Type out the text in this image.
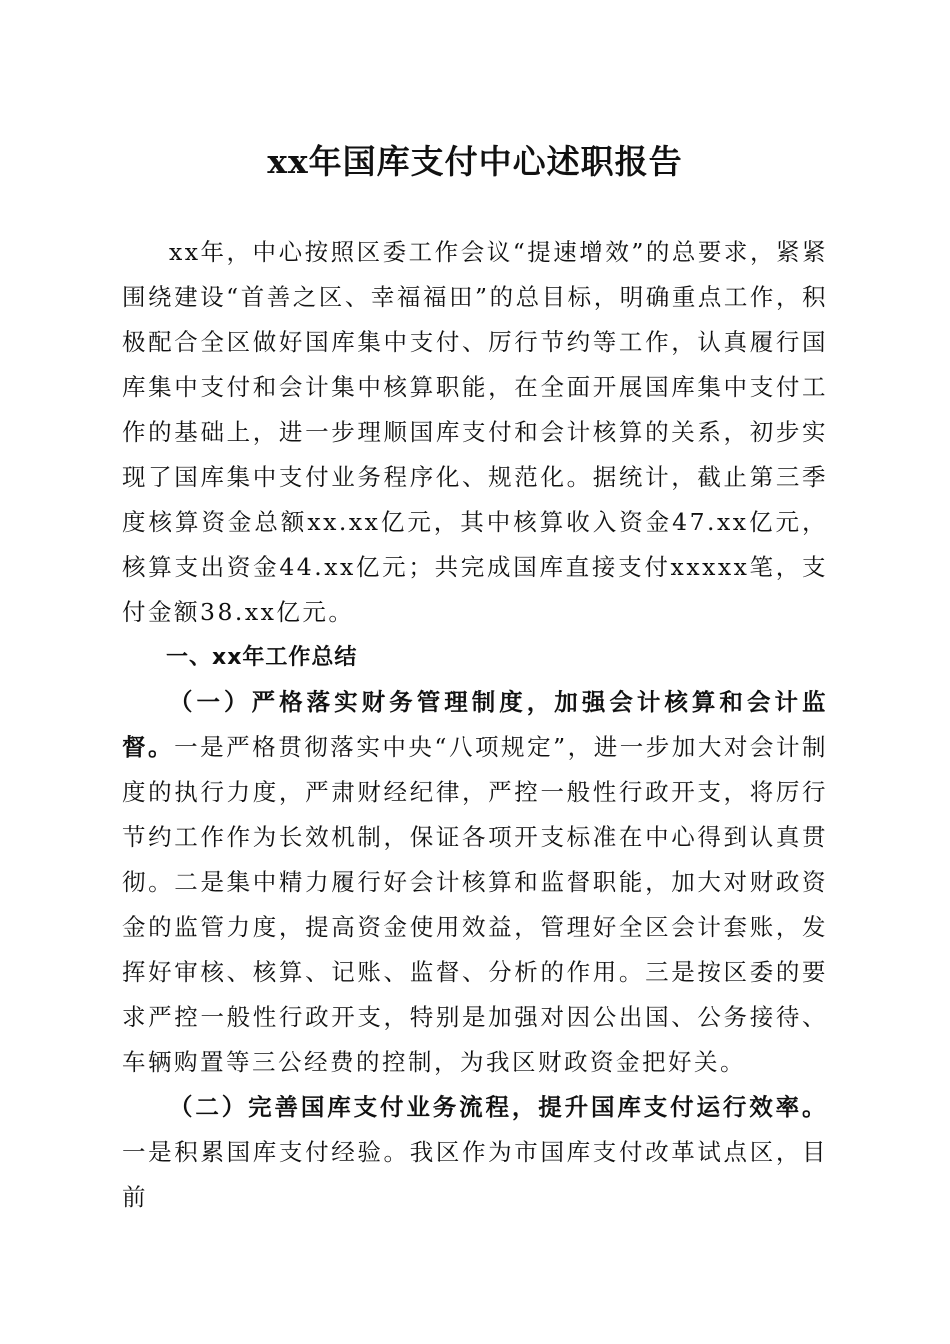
xx年国库支付中心述职报告

xx年，中心按照区委工作会议“提速增效”的总要求，紧紧围绕建设“首善之区、幸福福田”的总目标，明确重点工作，积极配合全区做好国库集中支付、厉行节约等工作，认真履行国库集中支付和会计集中核算职能，在全面开展国库集中支付工作的基础上，进一步理顺国库支付和会计核算的关系，初步实现了国库集中支付业务程序化、规范化。据统计，截止第三季度核算资金总额xx.xx亿元，其中核算收入资金47.xx亿元，核算支出资金44.xx亿元；共完成国库直接支付xxxxx笔，支付金额38.xx亿元。

一、xx年工作总结

（一）严格落实财务管理制度，加强会计核算和会计监督。一是严格贯彻落实中央“八项规定”，进一步加大对会计制度的执行力度，严肃财经纪律，严控一般性行政开支，将厉行节约工作作为长效机制，保证各项开支标准在中心得到认真贯彻。二是集中精力履行好会计核算和监督职能，加大对财政资金的监管力度，提高资金使用效益，管理好全区会计套账，发挥好审核、核算、记账、监督、分析的作用。三是按区委的要求严控一般性行政开支，特别是加强对因公出国、公务接待、车辆购置等三公经费的控制，为我区财政资金把好关。

（二）完善国库支付业务流程，提升国库支付运行效率。一是积累国库支付经验。我区作为市国库支付改革试点区，目前
